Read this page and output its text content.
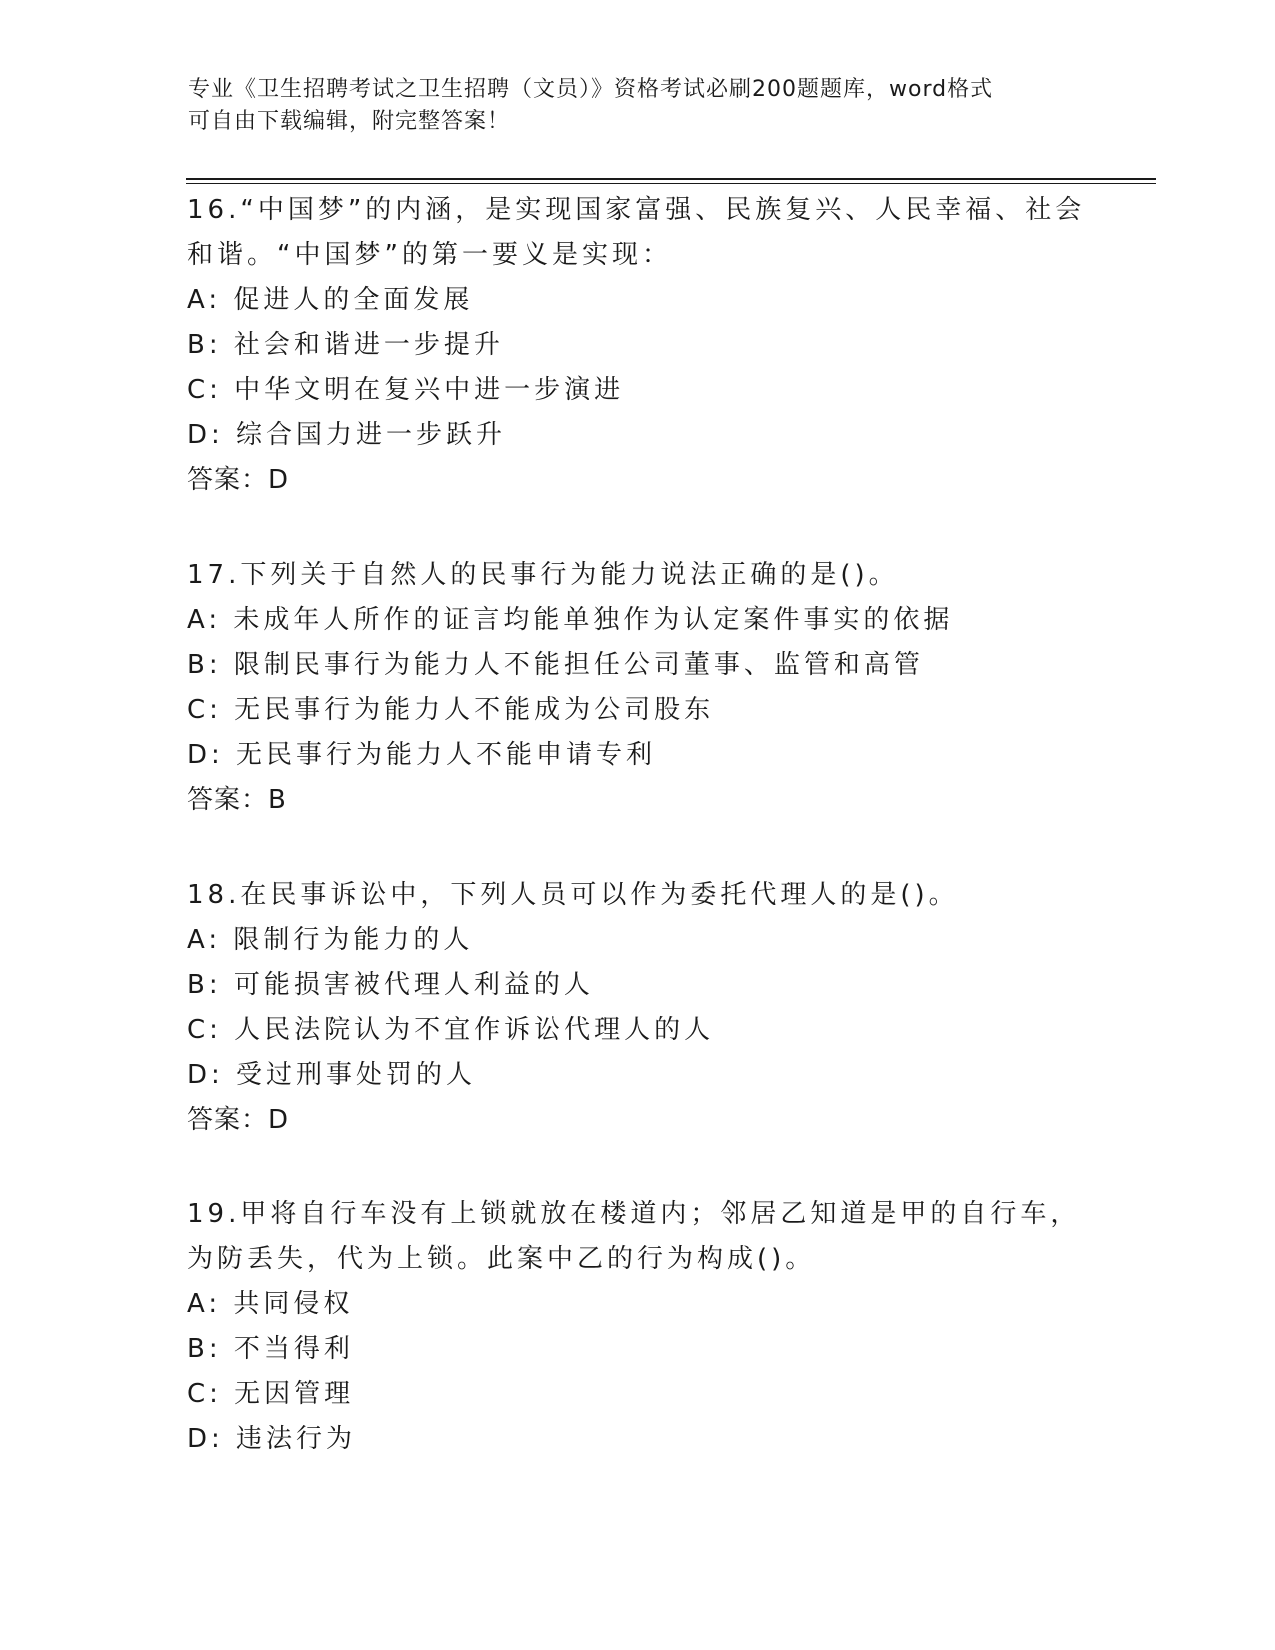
专业《卫生招聘考试之卫生招聘（文员）》资格考试必刷200题题库，word格式
可自由下载编辑，附完整答案！
16.“中国梦”的内涵，是实现国家富强、民族复兴、人民幸福、社会和谐。“中国梦”的第一要义是实现：
A: 促进人的全面发展
B: 社会和谐进一步提升
C: 中华文明在复兴中进一步演进
D: 综合国力进一步跃升
答案：D
17.下列关于自然人的民事行为能力说法正确的是()。
A: 未成年人所作的证言均能单独作为认定案件事实的依据
B: 限制民事行为能力人不能担任公司董事、监管和高管
C: 无民事行为能力人不能成为公司股东
D: 无民事行为能力人不能申请专利
答案：B
18.在民事诉讼中，下列人员可以作为委托代理人的是()。
A: 限制行为能力的人
B: 可能损害被代理人利益的人
C: 人民法院认为不宜作诉讼代理人的人
D: 受过刑事处罚的人
答案：D
19.甲将自行车没有上锁就放在楼道内；邻居乙知道是甲的自行车，为防丢失，代为上锁。此案中乙的行为构成()。
A: 共同侵权
B: 不当得利
C: 无因管理
D: 违法行为
